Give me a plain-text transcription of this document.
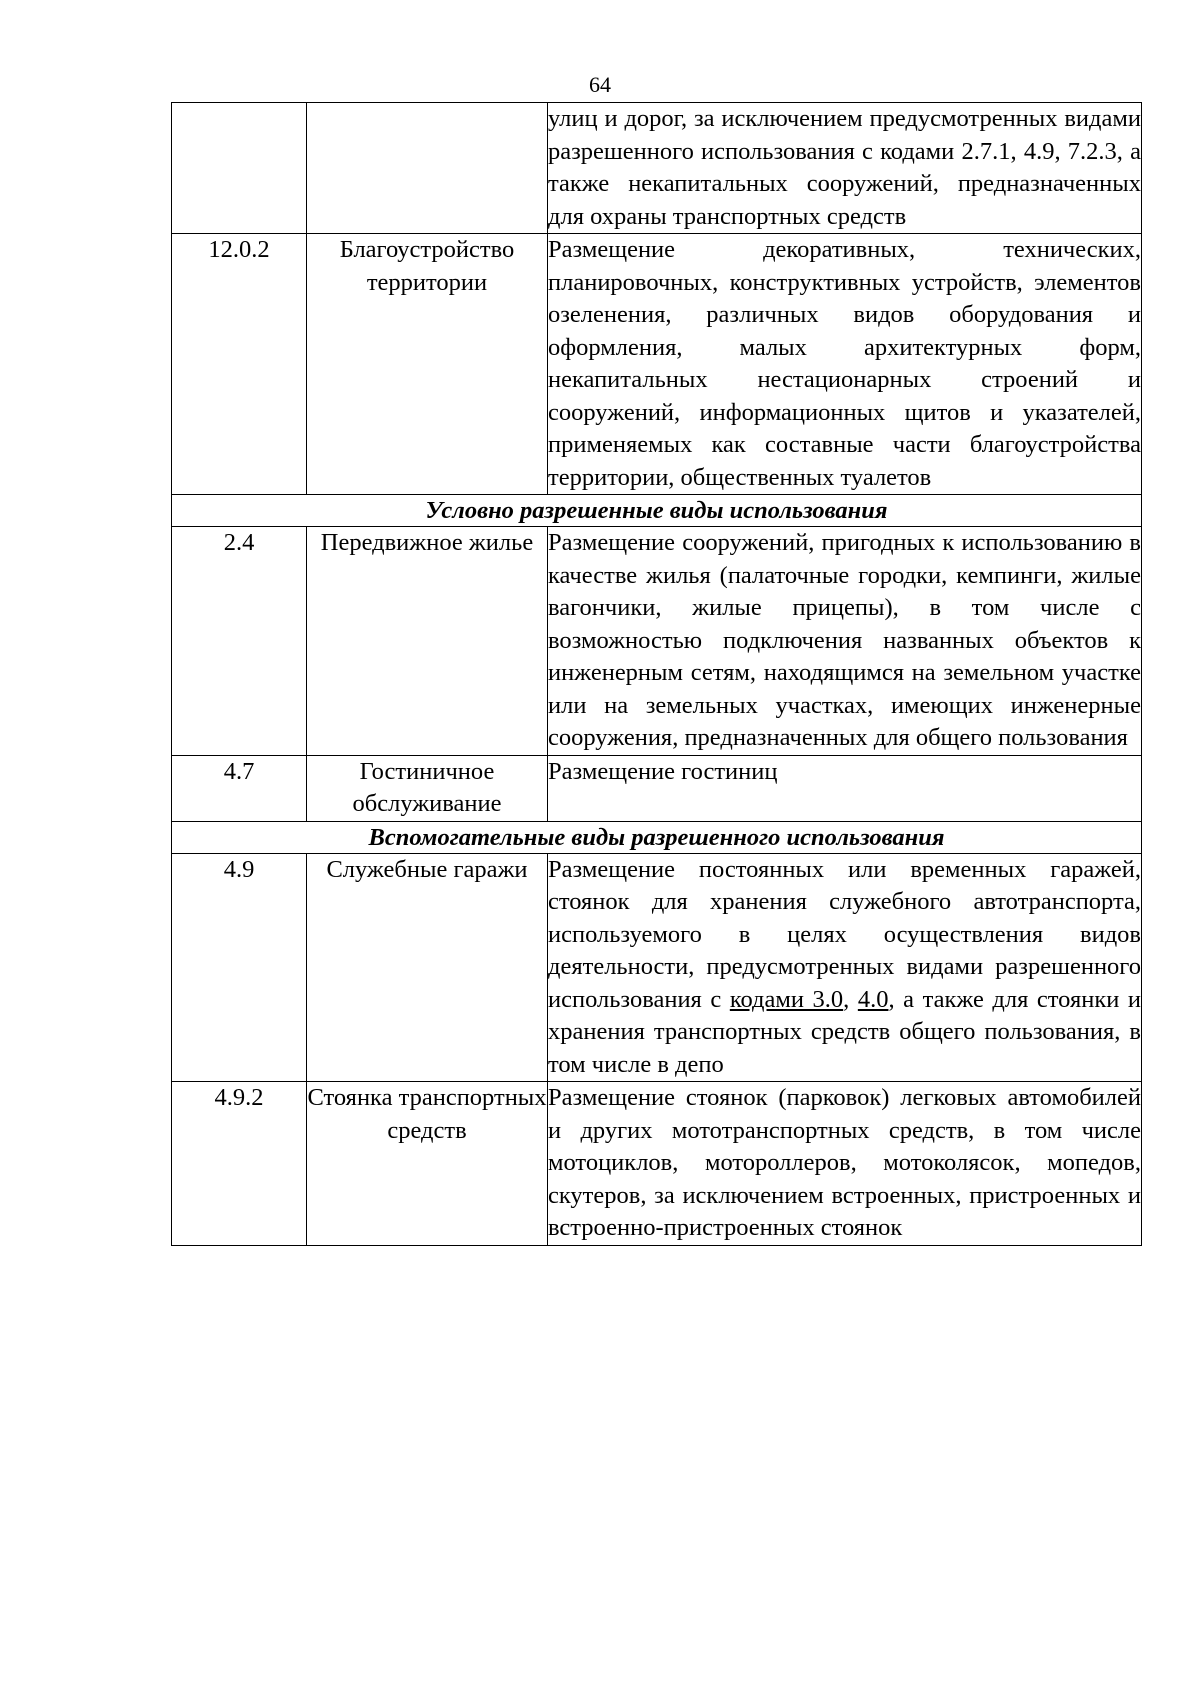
64
		улиц и дорог, за исключением предусмотренных видами разрешенного использования с кодами 2.7.1, 4.9, 7.2.3, а также некапитальных сооружений, предназначенных для охраны транспортных средств
12.0.2	Благоустройство территории	Размещение декоративных, технических, планировочных, конструктивных устройств, элементов озеленения, различных видов оборудования и оформления, малых архитектурных форм, некапитальных нестационарных строений и сооружений, информационных щитов и указателей, применяемых как составные части благоустройства территории, общественных туалетов
Условно разрешенные виды использования		
2.4	Передвижное жилье	Размещение сооружений, пригодных к использованию в качестве жилья (палаточные городки, кемпинги, жилые вагончики, жилые прицепы), в том числе с возможностью подключения названных объектов к инженерным сетям, находящимся на земельном участке или на земельных участках, имеющих инженерные сооружения, предназначенных для общего пользования
4.7	Гостиничное обслуживание	Размещение гостиниц
Вспомогательные виды разрешенного использования		
4.9	Служебные гаражи	Размещение постоянных или временных гаражей, стоянок для хранения служебного автотранспорта, используемого в целях осуществления видов деятельности, предусмотренных видами разрешенного использования с кодами 3.0, 4.0, а также для стоянки и хранения транспортных средств общего пользования, в том числе в депо
4.9.2	Стоянка транспортных средств	Размещение стоянок (парковок) легковых автомобилей и других мототранспортных средств, в том числе мотоциклов, мотороллеров, мотоколясок, мопедов, скутеров, за исключением встроенных, пристроенных и встроенно-пристроенных стоянок
